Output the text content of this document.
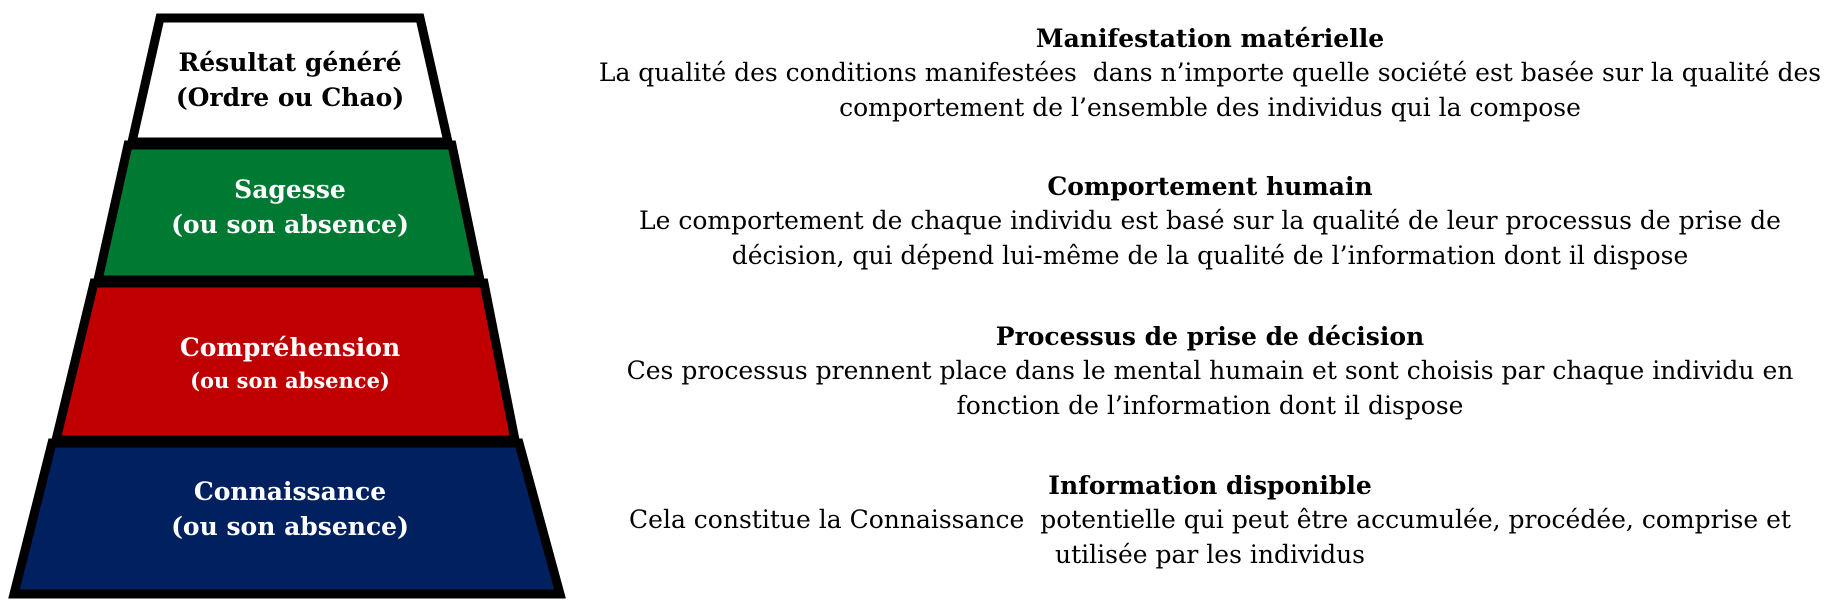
Résultat généré
(Ordre ou Chao)
Sagesse
(ou son absence)
Compréhension
(ou son absence)
Connaissance
(ou son absence)
Manifestation matérielle
La qualité des conditions manifestées  dans n’importe quelle société est basée sur la qualité des
comportement de l’ensemble des individus qui la compose
Comportement humain
Le comportement de chaque individu est basé sur la qualité de leur processus de prise de
décision, qui dépend lui-même de la qualité de l’information dont il dispose
Processus de prise de décision
Ces processus prennent place dans le mental humain et sont choisis par chaque individu en
fonction de l’information dont il dispose
Information disponible
Cela constitue la Connaissance  potentielle qui peut être accumulée, procédée, comprise et
utilisée par les individus
